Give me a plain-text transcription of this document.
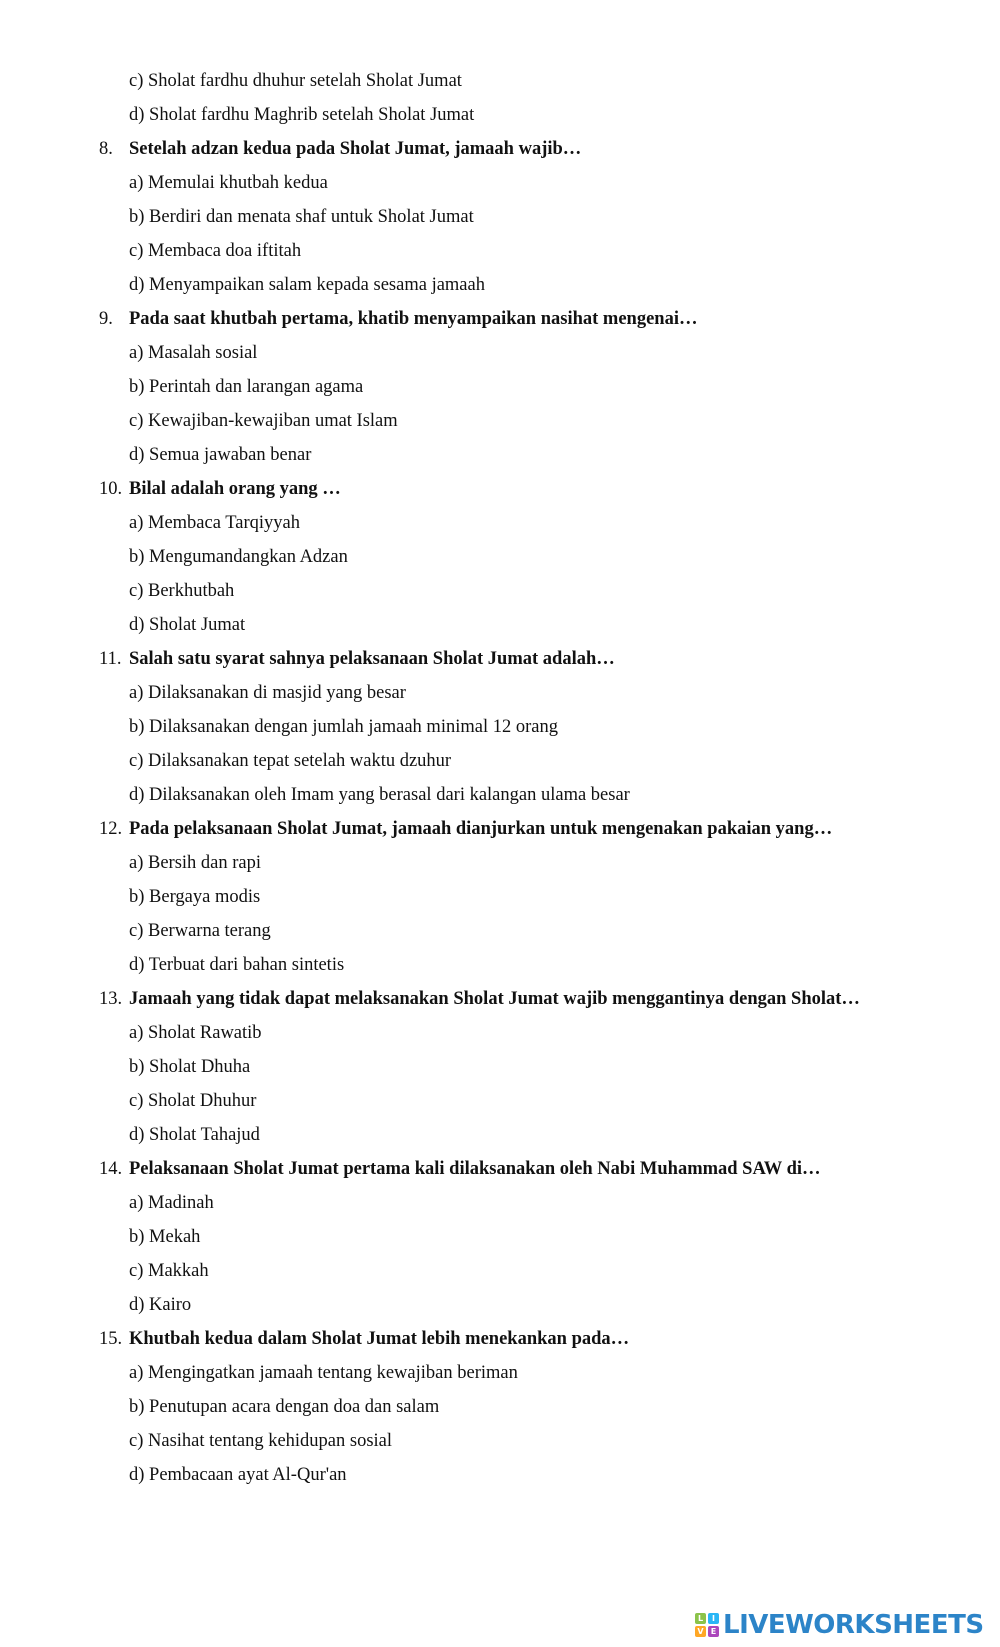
c) Sholat fardhu dhuhur setelah Sholat Jumat
d) Sholat fardhu Maghrib setelah Sholat Jumat
8. Setelah adzan kedua pada Sholat Jumat, jamaah wajib…
a) Memulai khutbah kedua
b) Berdiri dan menata shaf untuk Sholat Jumat
c) Membaca doa iftitah
d) Menyampaikan salam kepada sesama jamaah
9. Pada saat khutbah pertama, khatib menyampaikan nasihat mengenai…
a) Masalah sosial
b) Perintah dan larangan agama
c) Kewajiban-kewajiban umat Islam
d) Semua jawaban benar
10. Bilal adalah orang yang …
a) Membaca Tarqiyyah
b) Mengumandangkan Adzan
c) Berkhutbah
d) Sholat Jumat
11. Salah satu syarat sahnya pelaksanaan Sholat Jumat adalah…
a) Dilaksanakan di masjid yang besar
b) Dilaksanakan dengan jumlah jamaah minimal 12 orang
c) Dilaksanakan tepat setelah waktu dzuhur
d) Dilaksanakan oleh Imam yang berasal dari kalangan ulama besar
12. Pada pelaksanaan Sholat Jumat, jamaah dianjurkan untuk mengenakan pakaian yang…
a) Bersih dan rapi
b) Bergaya modis
c) Berwarna terang
d) Terbuat dari bahan sintetis
13. Jamaah yang tidak dapat melaksanakan Sholat Jumat wajib menggantinya dengan Sholat…
a) Sholat Rawatib
b) Sholat Dhuha
c) Sholat Dhuhur
d) Sholat Tahajud
14. Pelaksanaan Sholat Jumat pertama kali dilaksanakan oleh Nabi Muhammad SAW di…
a) Madinah
b) Mekah
c) Makkah
d) Kairo
15. Khutbah kedua dalam Sholat Jumat lebih menekankan pada…
a) Mengingatkan jamaah tentang kewajiban beriman
b) Penutupan acara dengan doa dan salam
c) Nasihat tentang kehidupan sosial
d) Pembacaan ayat Al-Qur'an
L	I
V E LIVEWORKSHEETS
